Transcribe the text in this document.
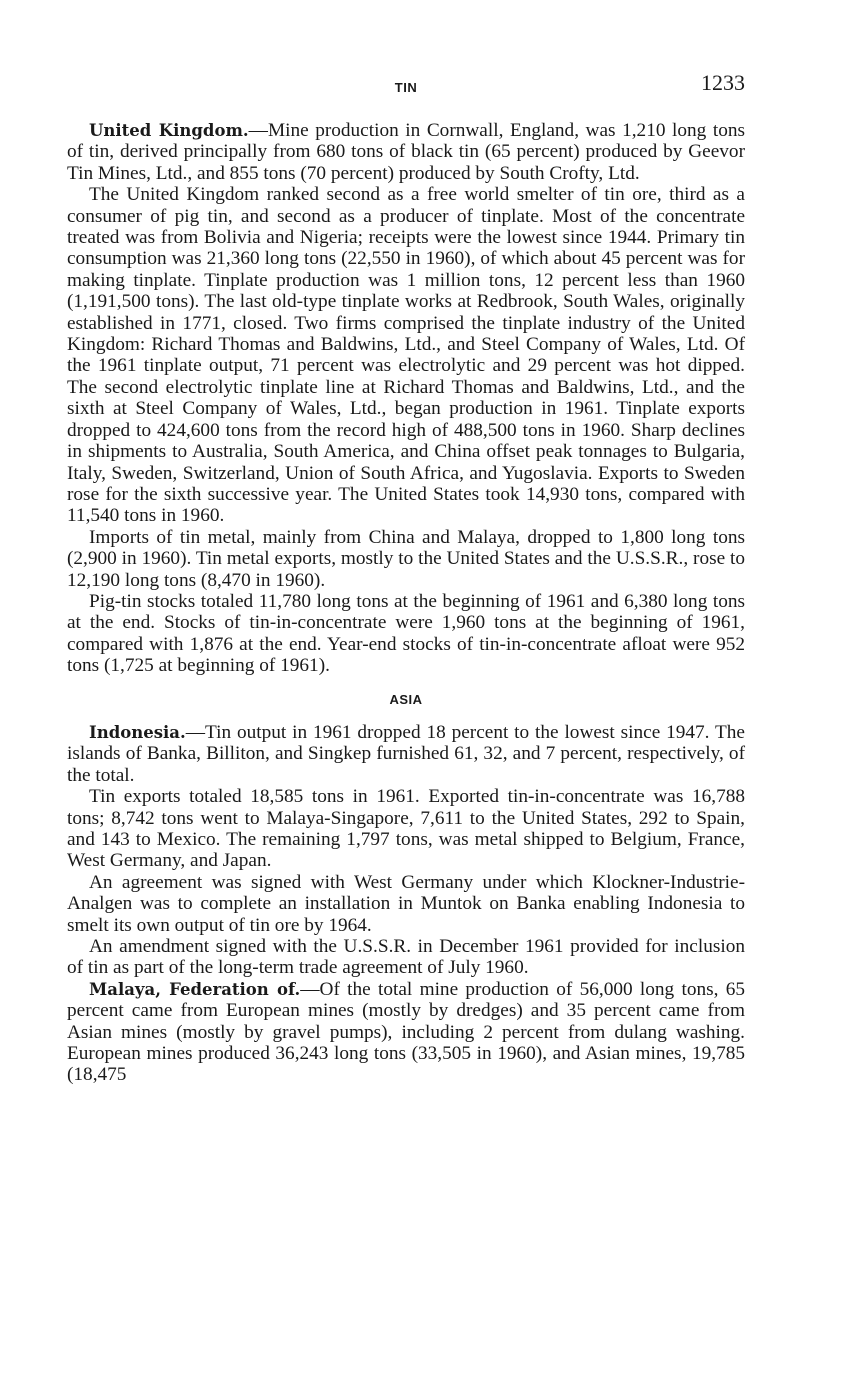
TIN	1233

United Kingdom.—Mine production in Cornwall, England, was 1,210 long tons of tin, derived principally from 680 tons of black tin (65 percent) produced by Geevor Tin Mines, Ltd., and 855 tons (70 percent) produced by South Crofty, Ltd.

The United Kingdom ranked second as a free world smelter of tin ore, third as a consumer of pig tin, and second as a producer of tinplate. Most of the concentrate treated was from Bolivia and Nigeria; receipts were the lowest since 1944. Primary tin consumption was 21,360 long tons (22,550 in 1960), of which about 45 percent was for making tinplate. Tinplate production was 1 million tons, 12 percent less than 1960 (1,191,500 tons). The last old-type tinplate works at Redbrook, South Wales, originally established in 1771, closed. Two firms comprised the tinplate industry of the United Kingdom: Richard Thomas and Baldwins, Ltd., and Steel Company of Wales, Ltd. Of the 1961 tinplate output, 71 percent was electrolytic and 29 percent was hot dipped. The second electrolytic tinplate line at Richard Thomas and Baldwins, Ltd., and the sixth at Steel Company of Wales, Ltd., began production in 1961. Tinplate exports dropped to 424,600 tons from the record high of 488,500 tons in 1960. Sharp declines in shipments to Australia, South America, and China offset peak tonnages to Bulgaria, Italy, Sweden, Switzerland, Union of South Africa, and Yugoslavia. Exports to Sweden rose for the sixth successive year. The United States took 14,930 tons, compared with 11,540 tons in 1960.

Imports of tin metal, mainly from China and Malaya, dropped to 1,800 long tons (2,900 in 1960). Tin metal exports, mostly to the United States and the U.S.S.R., rose to 12,190 long tons (8,470 in 1960).

Pig-tin stocks totaled 11,780 long tons at the beginning of 1961 and 6,380 long tons at the end. Stocks of tin-in-concentrate were 1,960 tons at the beginning of 1961, compared with 1,876 at the end. Year-end stocks of tin-in-concentrate afloat were 952 tons (1,725 at beginning of 1961).

ASIA

Indonesia.—Tin output in 1961 dropped 18 percent to the lowest since 1947. The islands of Banka, Billiton, and Singkep furnished 61, 32, and 7 percent, respectively, of the total.

Tin exports totaled 18,585 tons in 1961. Exported tin-in-concentrate was 16,788 tons; 8,742 tons went to Malaya-Singapore, 7,611 to the United States, 292 to Spain, and 143 to Mexico. The remaining 1,797 tons, was metal shipped to Belgium, France, West Germany, and Japan.

An agreement was signed with West Germany under which Klockner-Industrie-Analgen was to complete an installation in Muntok on Banka enabling Indonesia to smelt its own output of tin ore by 1964.

An amendment signed with the U.S.S.R. in December 1961 provided for inclusion of tin as part of the long-term trade agreement of July 1960.

Malaya, Federation of.—Of the total mine production of 56,000 long tons, 65 percent came from European mines (mostly by dredges) and 35 percent came from Asian mines (mostly by gravel pumps), including 2 percent from dulang washing. European mines produced 36,243 long tons (33,505 in 1960), and Asian mines, 19,785 (18,475
